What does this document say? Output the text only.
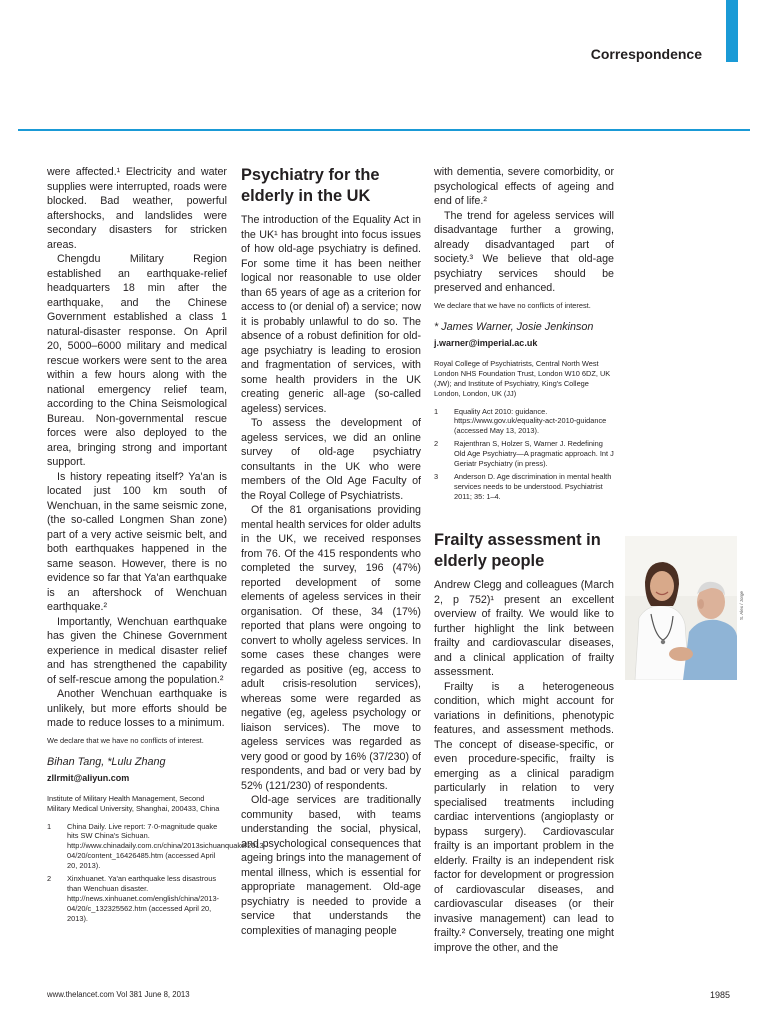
Correspondence

were affected.¹ Electricity and water supplies were interrupted, roads were blocked. Bad weather, powerful aftershocks, and landslides were secondary disasters for stricken areas.

Chengdu Military Region established an earthquake-relief headquarters 18 min after the earthquake, and the Chinese Government established a class 1 natural-disaster response. On April 20, 5000–6000 military and medical rescue workers were sent to the area within a few hours along with the national emergency relief team, according to the China Seismological Bureau. Non-governmental rescue forces were also deployed to the area, bringing strong and important support.

Is history repeating itself? Ya'an is located just 100 km south of Wenchuan, in the same seismic zone, (the so-called Longmen Shan zone) part of a very active seismic belt, and both earthquakes happened in the same season. However, there is no evidence so far that Ya'an earthquake is an aftershock of Wenchuan earthquake.²

Importantly, Wenchuan earthquake has given the Chinese Government experience in medical disaster relief and has strengthened the capability of self-rescue among the population.²

Another Wenchuan earthquake is unlikely, but more efforts should be made to reduce losses to a minimum.

We declare that we have no conflicts of interest.

Bihan Tang, *Lulu Zhang

zllrmit@aliyun.com

Institute of Military Health Management, Second Military Medical University, Shanghai, 200433, China

1 China Daily. Live report: 7·0-magnitude quake hits SW China's Sichuan. http://www.chinadaily.com.cn/china/2013sichuanquake/2013-04/20/content_16426485.htm (accessed April 20, 2013).
2 Xinxhuanet. Ya'an earthquake less disastrous than Wenchuan disaster. http://news.xinhuanet.com/english/china/2013-04/20/c_132325562.htm (accessed April 20, 2013).
Psychiatry for the elderly in the UK

The introduction of the Equality Act in the UK¹ has brought into focus issues of how old-age psychiatry is defined. For some time it has been neither logical nor reasonable to use older than 65 years of age as a criterion for access to (or denial of) a service; now it is probably unlawful to do so. The absence of a robust definition for old-age psychiatry is leading to erosion and fragmentation of services, with some health providers in the UK creating generic all-age (so-called ageless) services.

To assess the development of ageless services, we did an online survey of old-age psychiatry consultants in the UK who were members of the Old Age Faculty of the Royal College of Psychiatrists.

Of the 81 organisations providing mental health services for older adults in the UK, we received responses from 76. Of the 415 respondents who completed the survey, 196 (47%) reported development of some elements of ageless services in their organisation. Of these, 34 (17%) reported that plans were ongoing to convert to wholly ageless services. In some cases these changes were regarded as positive (eg, access to adult crisis-resolution services), whereas some were regarded as negative (eg, ageless psychology or liaison services). The move to ageless services was regarded as very good or good by 16% (37/230) of respondents, and bad or very bad by 52% (121/230) of respondents.

Old-age services are traditionally community based, with teams understanding the social, physical, and psychological consequences that ageing brings into the management of mental illness, which is essential for appropriate management. Old-age psychiatry is needed to provide a service that understands the complexities of managing people

with dementia, severe comorbidity, or psychological effects of ageing and end of life.²

The trend for ageless services will disadvantage further a growing, already disadvantaged part of society.³ We believe that old-age psychiatry services should be preserved and enhanced.

We declare that we have no conflicts of interest.

* James Warner, Josie Jenkinson

j.warner@imperial.ac.uk

Royal College of Psychiatrists, Central North West London NHS Foundation Trust, London W10 6DZ, UK (JW); and Institute of Psychiatry, King's College London, London, UK (JJ)

1 Equality Act 2010: guidance. https://www.gov.uk/equality-act-2010-guidance (accessed May 13, 2013).
2 Rajenthran S, Holzer S, Warner J. Redefining Old Age Psychiatry—A pragmatic approach. Int J Geriatr Psychiatry (in press).
3 Anderson D. Age discrimination in mental health services needs to be understood. Psychiatrist 2011; 35: 1–4.
Frailty assessment in elderly people

Andrew Clegg and colleagues (March 2, p 752)¹ present an excellent overview of frailty. We would like to further highlight the link between frailty and cardiovascular diseases, and a clinical application of frailty assessment.

Frailty is a heterogeneous condition, which might account for variations in definitions, phenotypic features, and assessment methods. The concept of disease-specific, or even procedure-specific, frailty is emerging as a clinical paradigm particularly in relation to very specialised treatments including cardiac interventions (angioplasty or bypass surgery). Cardiovascular frailty is an important problem in the elderly. Frailty is an independent risk factor for development or progression of cardiovascular diseases, and cardiovascular diseases (or their invasive management) can lead to frailty.² Conversely, treating one might improve the other, and the

S. Alex / Jorge
www.thelancet.com Vol 381 June 8, 2013	1985
